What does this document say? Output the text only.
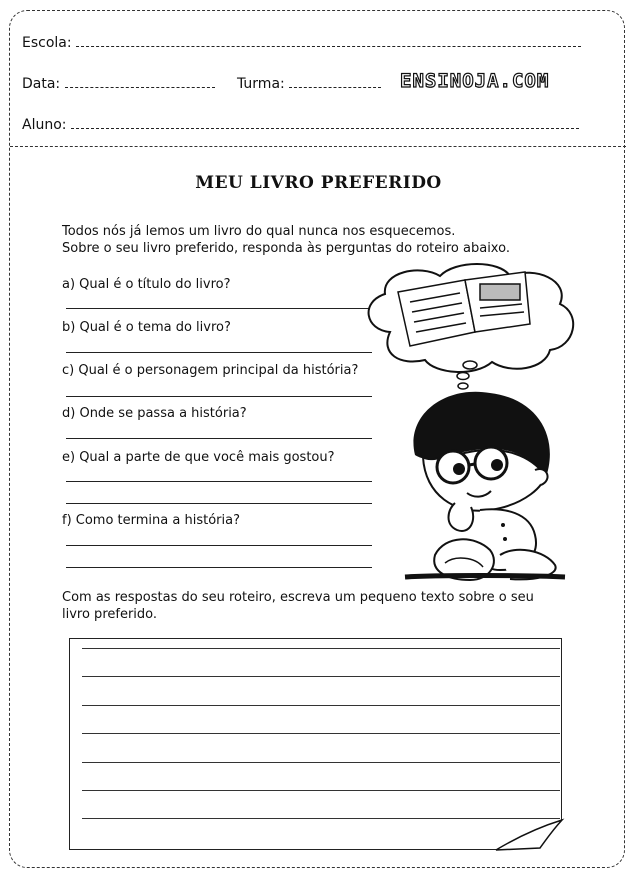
Escola:
Data:	Turma:	ENSINOJA.COM
Aluno:
MEU LIVRO PREFERIDO
Todos nós já lemos um livro do qual nunca nos esquecemos.
Sobre o seu livro preferido, responda às perguntas do roteiro abaixo.
a) Qual é o título do livro?
b) Qual é o tema do livro?
c) Qual é o personagem principal da história?
d) Onde se passa a história?
e) Qual a parte de que você mais gostou?
f) Como termina a história?
Com as respostas do seu roteiro, escreva um pequeno texto sobre o seu
livro preferido.
